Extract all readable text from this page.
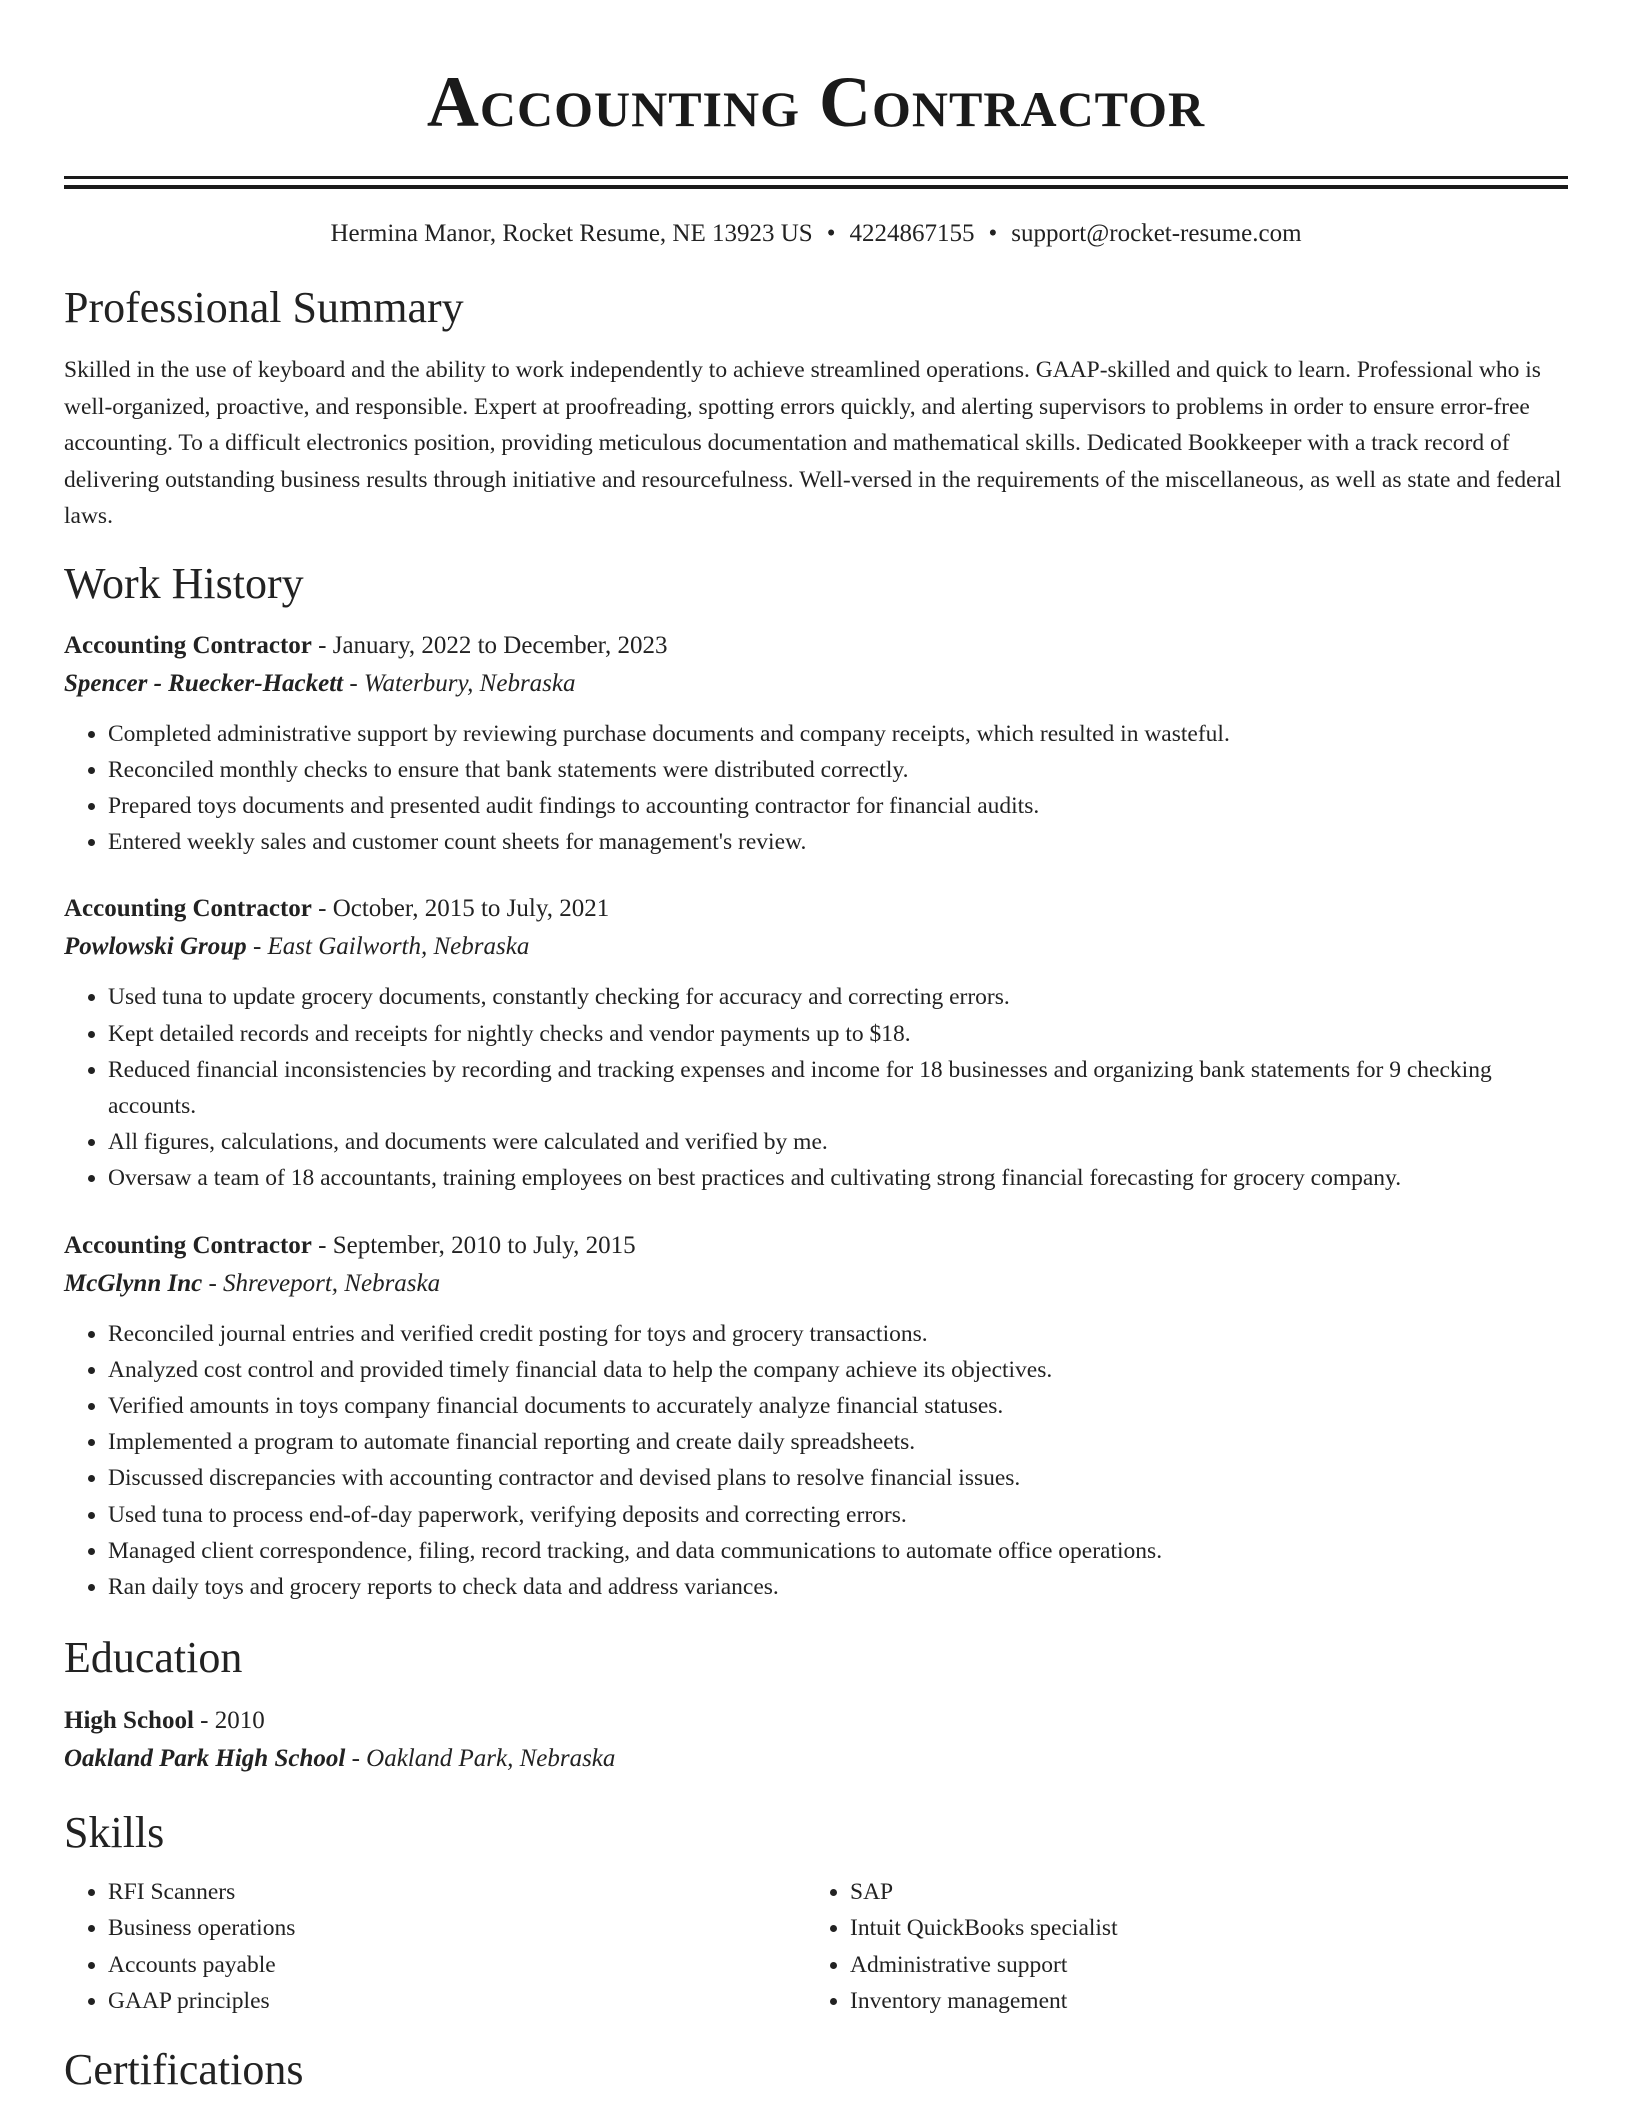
Accounting Contractor
Hermina Manor, Rocket Resume, NE 13923 US • 4224867155 • support@rocket-resume.com
Professional Summary

Skilled in the use of keyboard and the ability to work independently to achieve streamlined operations. GAAP-skilled and quick to learn. Professional who is well-organized, proactive, and responsible. Expert at proofreading, spotting errors quickly, and alerting supervisors to problems in order to ensure error-free accounting. To a difficult electronics position, providing meticulous documentation and mathematical skills. Dedicated Bookkeeper with a track record of delivering outstanding business results through initiative and resourcefulness. Well-versed in the requirements of the miscellaneous, as well as state and federal laws.

Work History
Accounting Contractor - January, 2022 to December, 2023
Spencer - Ruecker-Hackett - Waterbury, Nebraska
• Completed administrative support by reviewing purchase documents and company receipts, which resulted in wasteful.
• Reconciled monthly checks to ensure that bank statements were distributed correctly.
• Prepared toys documents and presented audit findings to accounting contractor for financial audits.
• Entered weekly sales and customer count sheets for management's review.
Accounting Contractor - October, 2015 to July, 2021
Powlowski Group - East Gailworth, Nebraska
• Used tuna to update grocery documents, constantly checking for accuracy and correcting errors.
• Kept detailed records and receipts for nightly checks and vendor payments up to $18.
• Reduced financial inconsistencies by recording and tracking expenses and income for 18 businesses and organizing bank statements for 9 checking accounts.
• All figures, calculations, and documents were calculated and verified by me.
• Oversaw a team of 18 accountants, training employees on best practices and cultivating strong financial forecasting for grocery company.
Accounting Contractor - September, 2010 to July, 2015
McGlynn Inc - Shreveport, Nebraska
• Reconciled journal entries and verified credit posting for toys and grocery transactions.
• Analyzed cost control and provided timely financial data to help the company achieve its objectives.
• Verified amounts in toys company financial documents to accurately analyze financial statuses.
• Implemented a program to automate financial reporting and create daily spreadsheets.
• Discussed discrepancies with accounting contractor and devised plans to resolve financial issues.
• Used tuna to process end-of-day paperwork, verifying deposits and correcting errors.
• Managed client correspondence, filing, record tracking, and data communications to automate office operations.
• Ran daily toys and grocery reports to check data and address variances.
Education
High School - 2010
Oakland Park High School - Oakland Park, Nebraska
Skills
• RFI Scanners
• Business operations
• Accounts payable
• GAAP principles
• SAP
• Intuit QuickBooks specialist
• Administrative support
• Inventory management
Certifications
